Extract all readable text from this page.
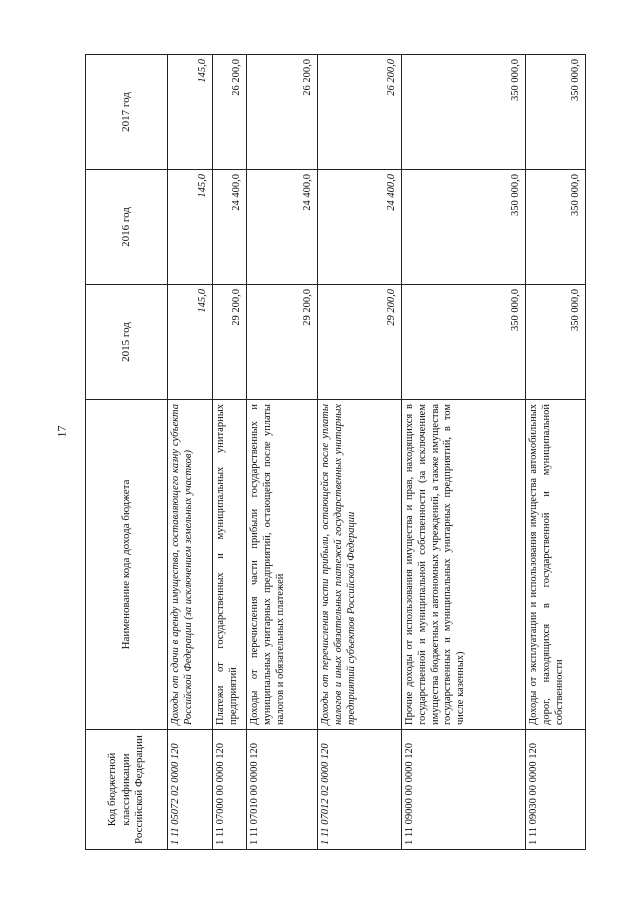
17
Код бюджетной классификации Российской Федерации	Наименование кода дохода бюджета	2015 год	2016 год	2017 год
1 11 05072 02 0000 120	Доходы от сдачи в аренду имущества, составляющего казну субъекта Российской Федерации (за исключением земельных участков)	145,0	145,0	145,0
1 11 07000 00 0000 120	Платежи от государственных и муниципальных унитарных предприятий	29 200,0	24 400,0	26 200,0
1 11 07010 00 0000 120	Доходы от перечисления части прибыли государственных и муниципальных унитарных предприятий, остающейся после уплаты налогов и обязательных платежей	29 200,0	24 400,0	26 200,0
1 11 07012 02 0000 120	Доходы от перечисления части прибыли, остающейся после уплаты налогов и иных обязательных платежей государственных унитарных предприятий субъектов Российской Федерации	29 200,0	24 400,0	26 200,0
1 11 09000 00 0000 120	Прочие доходы от использования имущества и прав, находящихся в государственной и муниципальной собственности (за исключением имущества бюджетных и автономных учреждений, а также имущества государственных и муниципальных унитарных предприятий, в том числе казенных)	350 000,0	350 000,0	350 000,0
1 11 09030 00 0000 120	Доходы от эксплуатации и использования имущества автомобильных дорог, находящихся в государственной и муниципальной собственности	350 000,0	350 000,0	350 000,0
